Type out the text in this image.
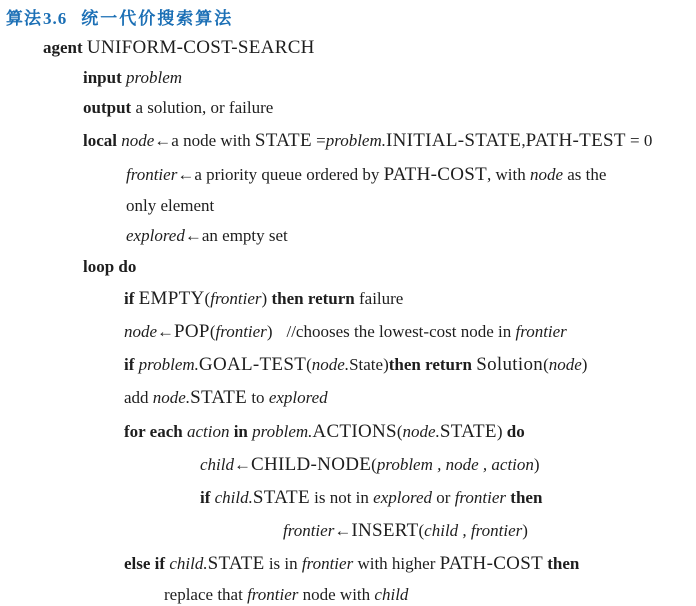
算法3.6 统一代价搜索算法
agent UNIFORM-COST-SEARCH
input problem
output a solution, or failure
local node←a node with STATE =problem.INITIAL-STATE,PATH-TEST = 0
frontier←a priority queue ordered by PATH-COST, with node as the
only element
explored←an empty set
loop do
if EMPTY(frontier) then return failure
node←POP(frontier) //chooses the lowest-cost node in frontier
if problem.GOAL-TEST(node.State)then return Solution(node)
add node.STATE to explored
for each action in problem.ACTIONS(node.STATE) do
child←CHILD-NODE(problem , node , action)
if child.STATE is not in explored or frontier then
frontier←INSERT(child , frontier)
else if child.STATE is in frontier with higher PATH-COST then
replace that frontier node with child
